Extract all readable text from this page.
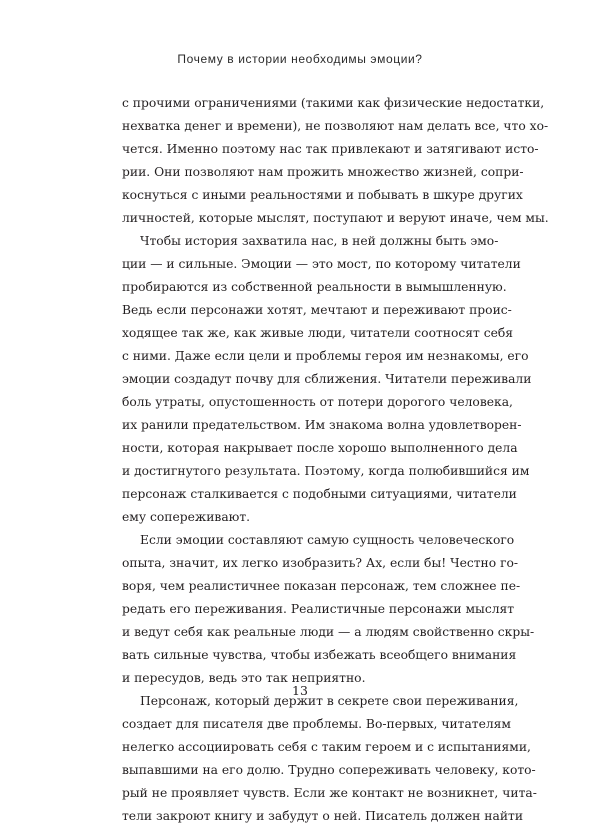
Почему в истории необходимы эмоции?

с прочими ограничениями (такими как физические недостатки,
нехватка денег и времени), не позволяют нам делать все, что хо-
чется. Именно поэтому нас так привлекают и затягивают исто-
рии. Они позволяют нам прожить множество жизней, сопри-
коснуться с иными реальностями и побывать в шкуре других
личностей, которые мыслят, поступают и веруют иначе, чем мы.

Чтобы история захватила нас, в ней должны быть эмо-
ции — и сильные. Эмоции — это мост, по которому читатели
пробираются из собственной реальности в вымышленную.
Ведь если персонажи хотят, мечтают и переживают проис-
ходящее так же, как живые люди, читатели соотносят себя
с ними. Даже если цели и проблемы героя им незнакомы, его
эмоции создадут почву для сближения. Читатели переживали
боль утраты, опустошенность от потери дорогого человека,
их ранили предательством. Им знакома волна удовлетворен-
ности, которая накрывает после хорошо выполненного дела
и достигнутого результата. Поэтому, когда полюбившийся им
персонаж сталкивается с подобными ситуациями, читатели
ему сопереживают.

Если эмоции составляют самую сущность человеческого
опыта, значит, их легко изобразить? Ах, если бы! Честно го-
воря, чем реалистичнее показан персонаж, тем сложнее пе-
редать его переживания. Реалистичные персонажи мыслят
и ведут себя как реальные люди — а людям свойственно скры-
вать сильные чувства, чтобы избежать всеобщего внимания
и пересудов, ведь это так неприятно.

Персонаж, который держит в секрете свои переживания,
создает для писателя две проблемы. Во-первых, читателям
нелегко ассоциировать себя с таким героем и с испытаниями,
выпавшими на его долю. Трудно сопереживать человеку, кото-
рый не проявляет чувств. Если же контакт не возникнет, чита-
тели закроют книгу и забудут о ней. Писатель должен найти

13
